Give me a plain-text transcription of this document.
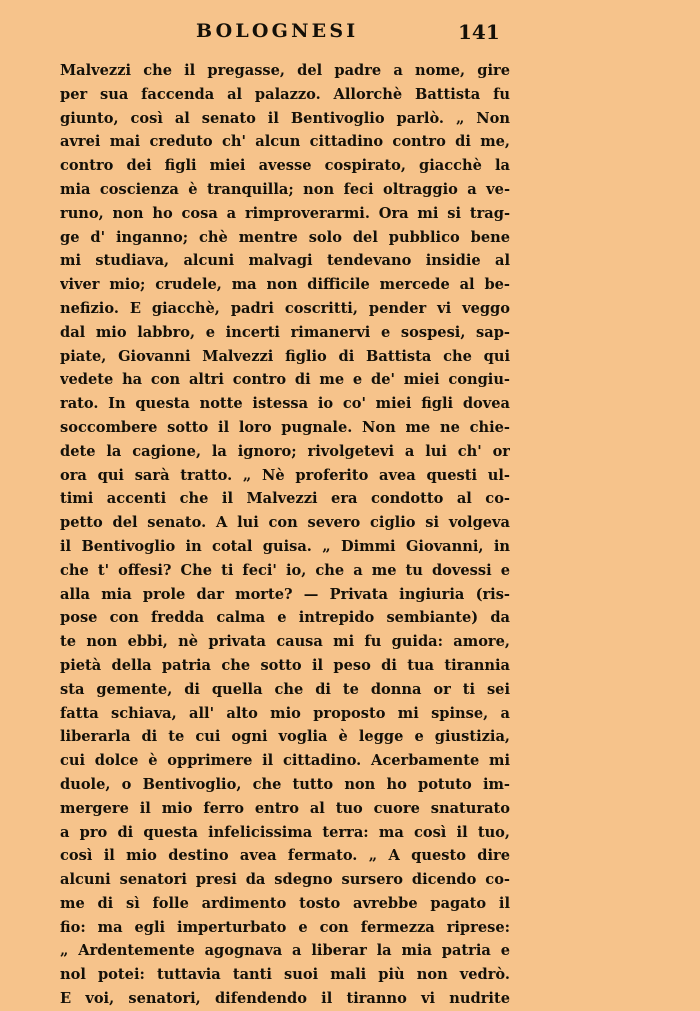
BOLOGNESI	141
Malvezzi che il pregasse, del padre a nome, gire
per sua faccenda al palazzo. Allorchè Battista fu
giunto, così al senato il Bentivoglio parlò. „ Non
avrei mai creduto ch' alcun cittadino contro di me,
contro dei figli miei avesse cospirato, giacchè la
mia coscienza è tranquilla; non feci oltraggio a ve-
runo, non ho cosa a rimproverarmi. Ora mi si trag-
ge d' inganno; chè mentre solo del pubblico bene
mi studiava, alcuni malvagi tendevano insidie al
viver mio; crudele, ma non difficile mercede al be-
nefizio. E giacchè, padri coscritti, pender vi veggo
dal mio labbro, e incerti rimanervi e sospesi, sap-
piate, Giovanni Malvezzi figlio di Battista che qui
vedete ha con altri contro di me e de' miei congiu-
rato. In questa notte istessa io co' miei figli dovea
soccombere sotto il loro pugnale. Non me ne chie-
dete la cagione, la ignoro; rivolgetevi a lui ch' or
ora qui sarà tratto. „ Nè proferito avea questi ul-
timi accenti che il Malvezzi era condotto al co-
petto del senato. A lui con severo ciglio si volgeva
il Bentivoglio in cotal guisa. „ Dimmi Giovanni, in
che t' offesi? Che ti feci' io, che a me tu dovessi e
alla mia prole dar morte? — Privata ingiuria (ris-
pose con fredda calma e intrepido sembiante) da
te non ebbi, nè privata causa mi fu guida: amore,
pietà della patria che sotto il peso di tua tirannia
sta gemente, di quella che di te donna or ti sei
fatta schiava, all' alto mio proposto mi spinse, a
liberarla di te cui ogni voglia è legge e giustizia,
cui dolce è opprimere il cittadino. Acerbamente mi
duole, o Bentivoglio, che tutto non ho potuto im-
mergere il mio ferro entro al tuo cuore snaturato
a pro di questa infelicissima terra: ma così il tuo,
così il mio destino avea fermato. „ A questo dire
alcuni senatori presi da sdegno sursero dicendo co-
me di sì folle ardimento tosto avrebbe pagato il
fio: ma egli imperturbato e con fermezza riprese:
„ Ardentemente agognava a liberar la mia patria e
nol potei: tuttavia tanti suoi mali più non vedrò.
E voi, senatori, difendendo il tiranno vi nudrite
